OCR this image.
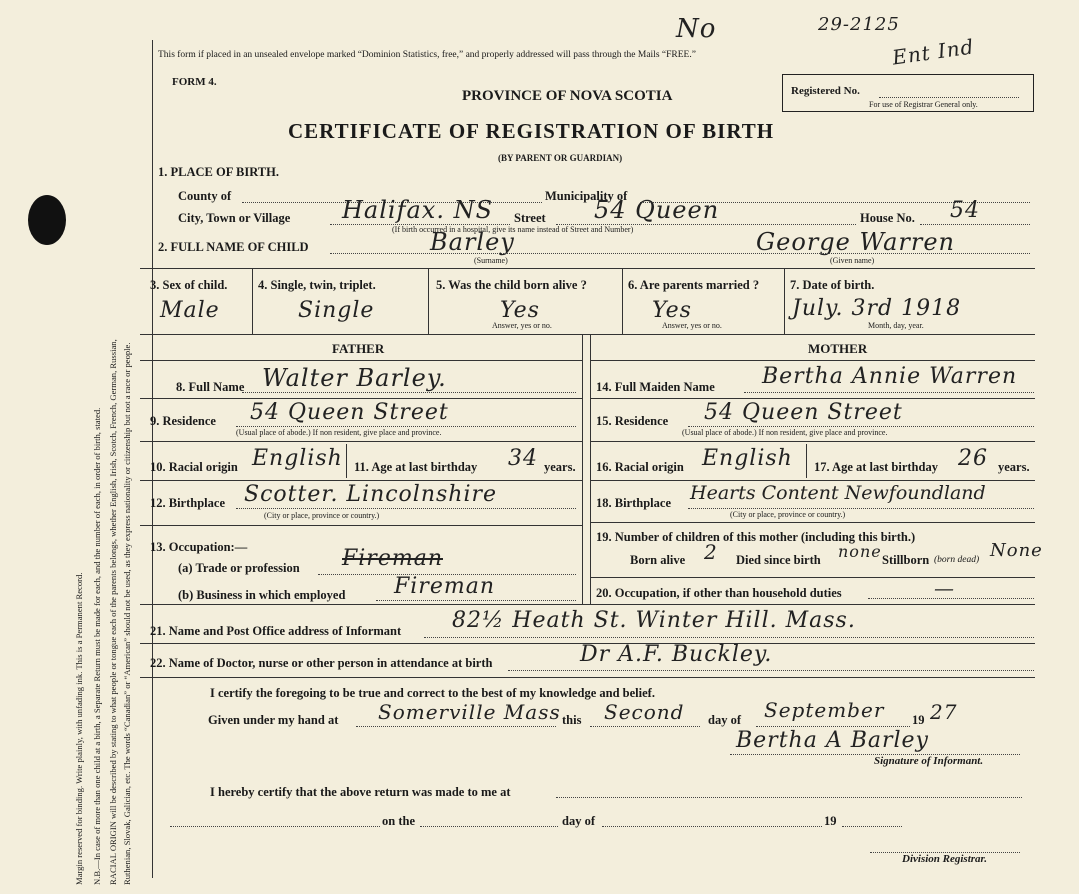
Margin reserved for binding. Write plainly, with unfading ink. This is a Permanent Record. N.B.—In case of more than one child at a birth, a Separate Return must be made for each, and the number of each, in order of birth, stated. RACIAL ORIGIN will be described by stating to what people or tongue each of the parents belongs, whether English, Irish, Scotch, French, German, Russian, Ruthenian, Slovak, Galician, etc. The words “Canadian” or “American” should not be used, as they express nationality or citizenship but not a race or people.
This form if placed in an unsealed envelope marked “Dominion Statistics, free,” and properly addressed will pass through the Mails “FREE.”
No	29-2125
Ent Ind
FORM 4.
PROVINCE OF NOVA SCOTIA	Registered No.
For use of Registrar General only.
CERTIFICATE OF REGISTRATION OF BIRTH
(BY PARENT OR GUARDIAN)
1. PLACE OF BIRTH.
County of	Municipality of
City, Town or Village Halifax. NS Street 54 Queen	House No. 54
(If birth occurred in a hospital, give its name instead of Street and Number)
2. FULL NAME OF CHILD	Barley	George Warren
(Surname)	(Given name)
3. Sex of child.
Male
4. Single, twin, triplet.
Single
5. Was the child born alive ?
Yes
Answer, yes or no.
6. Are parents married ?
Yes
Answer, yes or no.
7. Date of birth.
July. 3rd 1918
Month, day, year.
FATHER	MOTHER
8. Full Name Walter Barley.
9. Residence 54 Queen Street
(Usual place of abode.) If non resident, give place and province.
10. Racial origin English 11. Age at last birthday 34 years.
12. Birthplace Scotter. Lincolnshire
(City or place, province or country.)
13. Occupation:—
(a) Trade or profession Fireman
(b) Business in which employed Fireman
14. Full Maiden Name Bertha Annie Warren
15. Residence 54 Queen Street
(Usual place of abode.) If non resident, give place and province.
16. Racial origin English 17. Age at last birthday 26 years.
18. Birthplace Hearts Content Newfoundland
(City or place, province or country.)
19. Number of children of this mother (including this birth.)
Born alive 2 Died since birth none Stillborn (born dead) None
20. Occupation, if other than household duties	—
21. Name and Post Office address of Informant 82½ Heath St. Winter Hill. Mass.
22. Name of Doctor, nurse or other person in attendance at birth	Dr A.F. Buckley.
I certify the foregoing to be true and correct to the best of my knowledge and belief.
Given under my hand at Somerville Mass this Second day of September 19 27
Bertha A Barley
Signature of Informant.
I hereby certify that the above return was made to me at
on the	day of	19
Division Registrar.
